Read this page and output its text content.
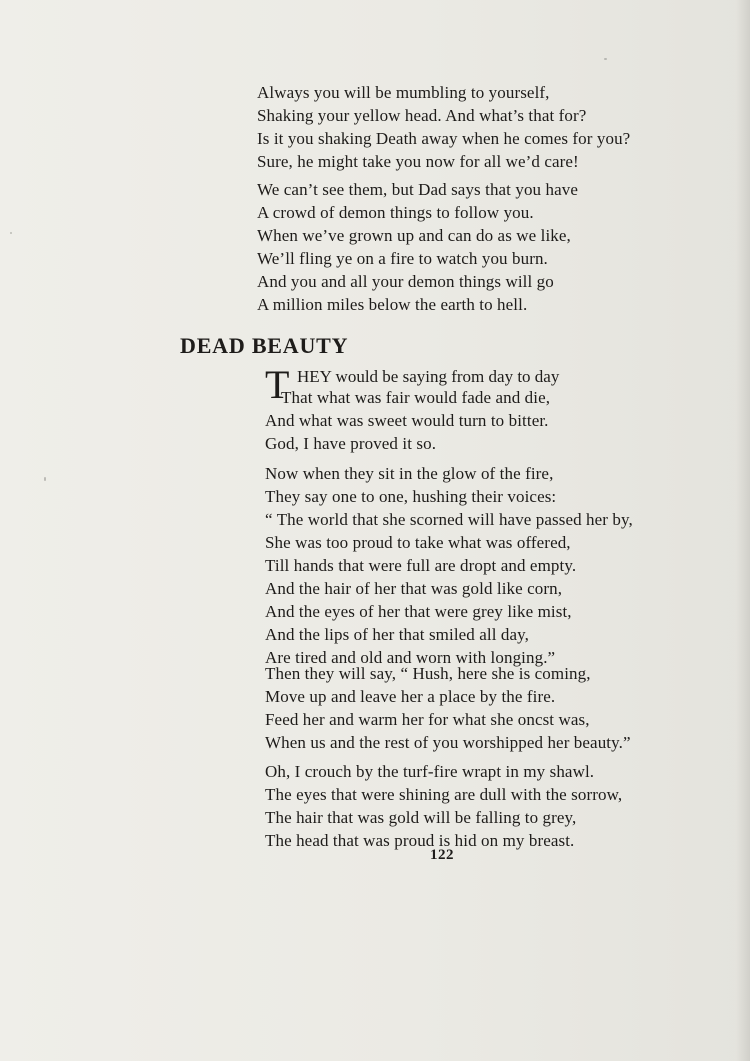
Always you will be mumbling to yourself,
Shaking your yellow head. And what’s that for?
Is it you shaking Death away when he comes for you?
Sure, he might take you now for all we’d care!
We can’t see them, but Dad says that you have
A crowd of demon things to follow you.
When we’ve grown up and can do as we like,
We’ll fling ye on a fire to watch you burn.
And you and all your demon things will go
A million miles below the earth to hell.
DEAD BEAUTY
T HEY would be saying from day to day
That what was fair would fade and die,
And what was sweet would turn to bitter.
God, I have proved it so.
Now when they sit in the glow of the fire,
They say one to one, hushing their voices:
“ The world that she scorned will have passed her by,
She was too proud to take what was offered,
Till hands that were full are dropt and empty.
And the hair of her that was gold like corn,
And the eyes of her that were grey like mist,
And the lips of her that smiled all day,
Are tired and old and worn with longing.”
Then they will say, “ Hush, here she is coming,
Move up and leave her a place by the fire.
Feed her and warm her for what she oncst was,
When us and the rest of you worshipped her beauty.”
Oh, I crouch by the turf-fire wrapt in my shawl.
The eyes that were shining are dull with the sorrow,
The hair that was gold will be falling to grey,
The head that was proud is hid on my breast.
122
